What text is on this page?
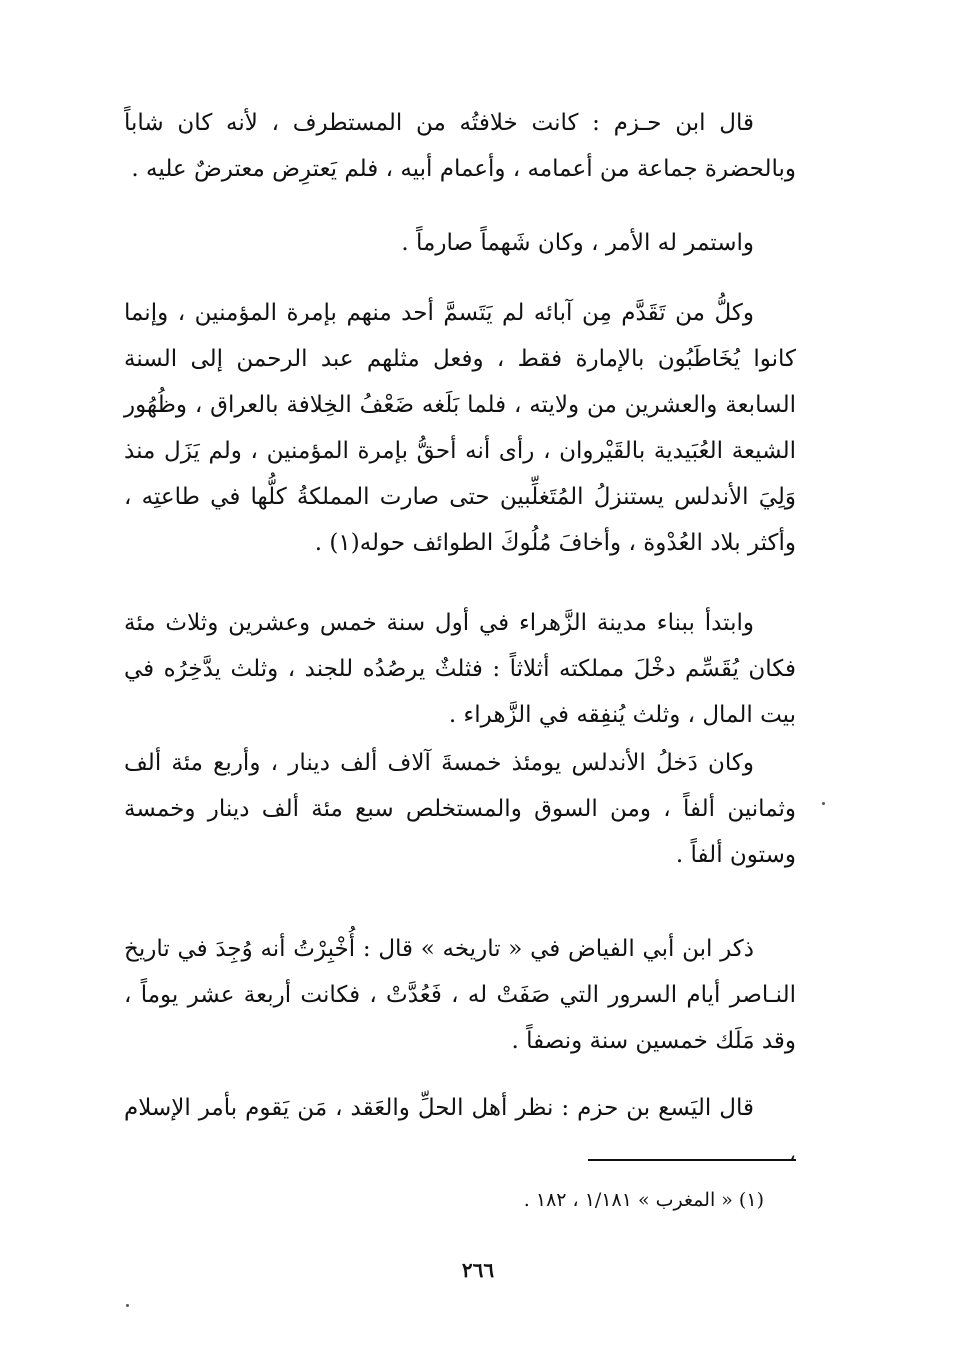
قال ابن حـزم : كانت خلافتُه من المستطرف ، لأنه كان شاباً وبالحضرة جماعة من أعمامه ، وأعمام أبيه ، فلم يَعترِض معترضٌ عليه .

واستمر له الأمر ، وكان شَهماً صارماً .

وكلُّ من تَقَدَّم مِن آبائه لم يَتَسمَّ أحد منهم بإمرة المؤمنين ، وإنما كانوا يُخَاطَبُون بالإمارة فقط ، وفعل مثلهم عبد الرحمن إلى السنة السابعة والعشرين من ولايته ، فلما بَلَغه ضَعْفُ الخِلافة بالعراق ، وظُهُور الشيعة العُبَيدية بالقَيْروان ، رأى أنه أحقُّ بإمرة المؤمنين ، ولم يَزَل منذ وَلِيَ الأندلس يستنزلُ المُتَغلِّبين حتى صارت المملكةُ كلُّها في طاعتِه ، وأكثر بلاد العُدْوة ، وأخافَ مُلُوكَ الطوائف حوله(١) .

وابتدأ ببناء مدينة الزَّهراء في أول سنة خمس وعشرين وثلاث مئة فكان يُقَسِّم دخْلَ مملكته أثلاثاً : فثلثٌ يرصُدُه للجند ، وثلث يدَّخِرُه في بيت المال ، وثلث يُنفِقه في الزَّهراء .

وكان دَخلُ الأندلس يومئذ خمسةَ آلاف ألف دينار ، وأربع مئة ألف وثمانين ألفاً ، ومن السوق والمستخلص سبع مئة ألف دينار وخمسة وستون ألفاً .

ذكر ابن أبي الفياض في « تاريخه » قال : أُخْبِرْتُ أنه وُجِدَ في تاريخ النـاصر أيام السرور التي صَفَتْ له ، فَعُدَّتْ ، فكانت أربعة عشر يوماً ، وقد مَلَك خمسين سنة ونصفاً .

قال اليَسع بن حزم : نظر أهل الحلِّ والعَقد ، مَن يَقوم بأمر الإسلام ،

(١) « المغرب » ١/١٨١ ، ١٨٢ .
٢٦٦
